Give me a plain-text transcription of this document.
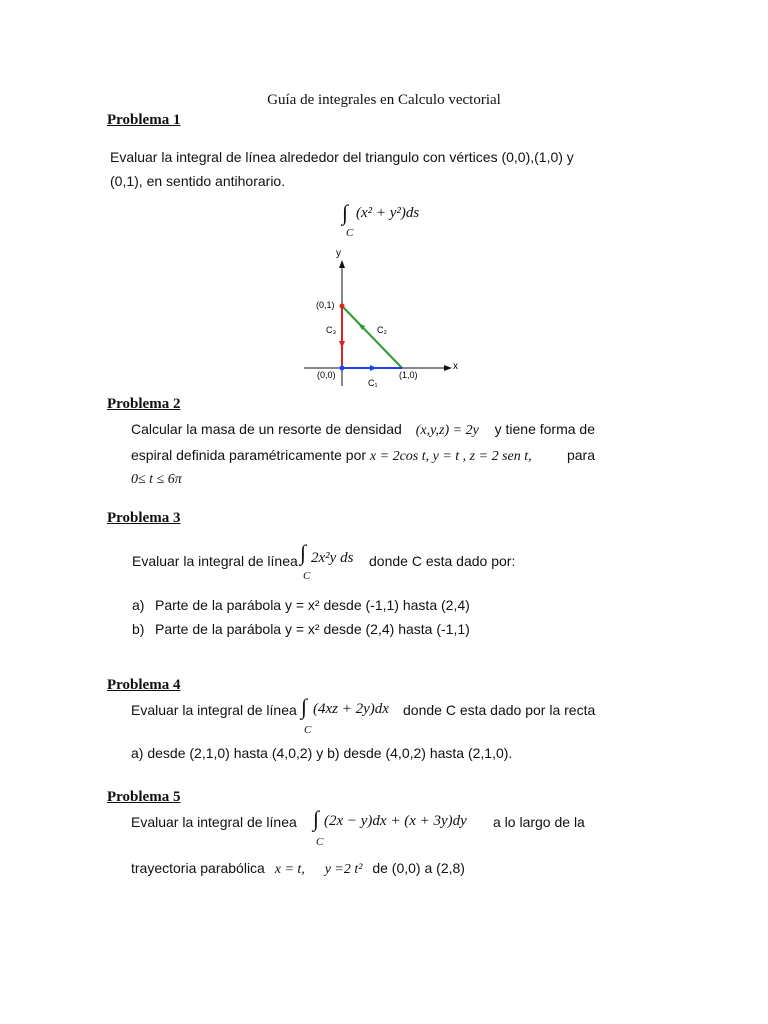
Guía de integrales en Calculo vectorial
Problema 1
Evaluar la integral de línea alrededor del triangulo con vértices (0,0),(1,0) y
(0,1), en sentido antihorario.
∫
C
(x² + y²)ds
y
x
(0,1)
(0,0)	(1,0)
C₃	C₂
C₁
Problema 2
Calcular la masa de un resorte de densidad (x,y,z) = 2y y tiene forma de
espiral definida paramétricamente por x = 2cos t, y = t , z = 2 sen t,	para
0≤ t ≤ 6π
Problema 3
Evaluar la integral de línea ∫
C
2x²y ds donde C esta dado por:
a) Parte de la parábola y = x² desde (-1,1) hasta (2,4)
b) Parte de la parábola y = x² desde (2,4) hasta (-1,1)
Problema 4
Evaluar la integral de línea ∫
C
(4xz + 2y)dx donde C esta dado por la recta
a) desde (2,1,0) hasta (4,0,2) y b) desde (4,0,2) hasta (2,1,0).
Problema 5
Evaluar la integral de línea ∫
C
(2x − y)dx + (x + 3y)dy a lo largo de la
trayectoria parabólica x = t, y =2 t² de (0,0) a (2,8)
